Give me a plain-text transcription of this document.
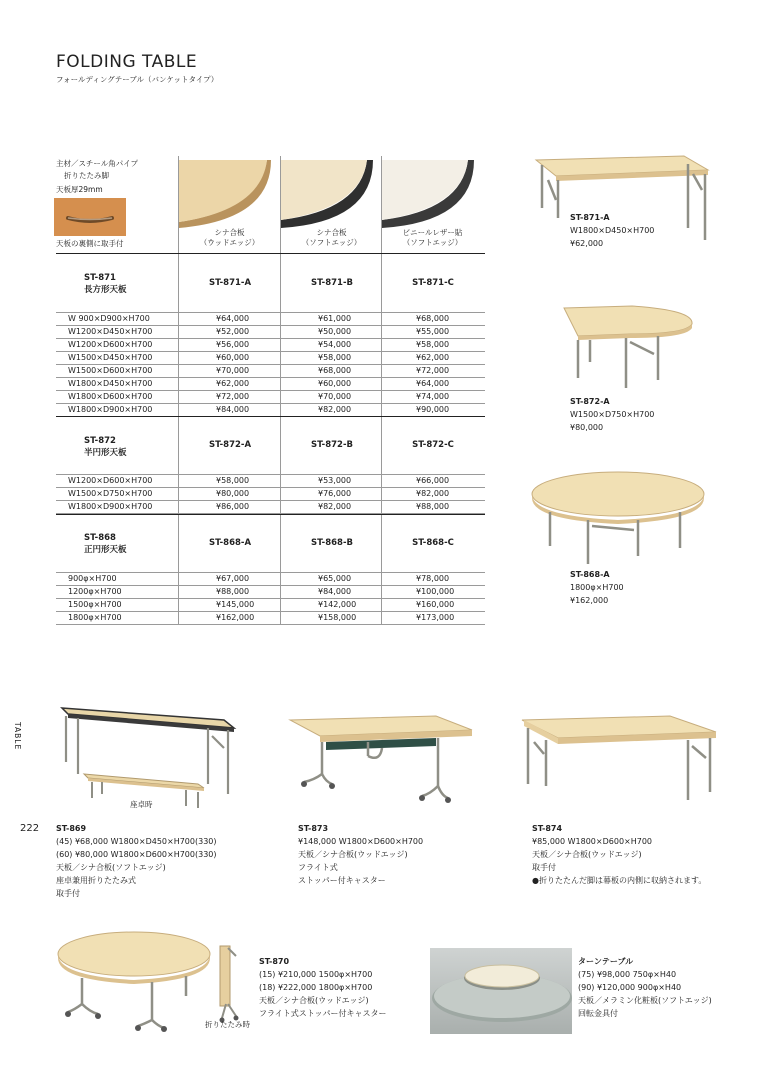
FOLDING TABLE
フォールディングテーブル（バンケットタイプ）
主材／スチール角パイプ
折りたたみ脚
天板厚29mm
天板の裏側に取手付
シナ合板
（ウッドエッジ）
シナ合板
（ソフトエッジ）
ビニールレザー貼
（ソフトエッジ）
ST-871
長方形天板
ST-871-A	ST-871-B	ST-871-C
W 900×D900×H700	¥64,000	¥61,000	¥68,000
W1200×D450×H700	¥52,000	¥50,000	¥55,000
W1200×D600×H700	¥56,000	¥54,000	¥58,000
W1500×D450×H700	¥60,000	¥58,000	¥62,000
W1500×D600×H700	¥70,000	¥68,000	¥72,000
W1800×D450×H700	¥62,000	¥60,000	¥64,000
W1800×D600×H700	¥72,000	¥70,000	¥74,000
W1800×D900×H700	¥84,000	¥82,000	¥90,000
ST-872
半円形天板
ST-872-A	ST-872-B	ST-872-C
W1200×D600×H700	¥58,000	¥53,000	¥66,000
W1500×D750×H700	¥80,000	¥76,000	¥82,000
W1800×D900×H700	¥86,000	¥82,000	¥88,000
ST-868
正円形天板
ST-868-A	ST-868-B	ST-868-C
900φ×H700	¥67,000	¥65,000	¥78,000
1200φ×H700	¥88,000	¥84,000	¥100,000
1500φ×H700	¥145,000	¥142,000	¥160,000
1800φ×H700	¥162,000	¥158,000	¥173,000
ST-871-A
W1800×D450×H700
¥62,000
ST-872-A
W1500×D750×H700
¥80,000
ST-868-A
1800φ×H700
¥162,000
TABLE
222
座卓時
ST-869
(45) ¥68,000 W1800×D450×H700(330)
(60) ¥80,000 W1800×D600×H700(330)
天板／シナ合板(ソフトエッジ)
座卓兼用折りたたみ式
取手付
ST-873
¥148,000 W1800×D600×H700
天板／シナ合板(ウッドエッジ)
フライト式
ストッパー付キャスター
ST-874
¥85,000 W1800×D600×H700
天板／シナ合板(ウッドエッジ)
取手付
●折りたたんだ脚は幕板の内側に収納されます。
折りたたみ時
ST-870
(15) ¥210,000 1500φ×H700
(18) ¥222,000 1800φ×H700
天板／シナ合板(ウッドエッジ)
フライト式ストッパー付キャスター
ターンテーブル
(75) ¥98,000 750φ×H40
(90) ¥120,000 900φ×H40
天板／メラミン化粧板(ソフトエッジ)
回転金具付
